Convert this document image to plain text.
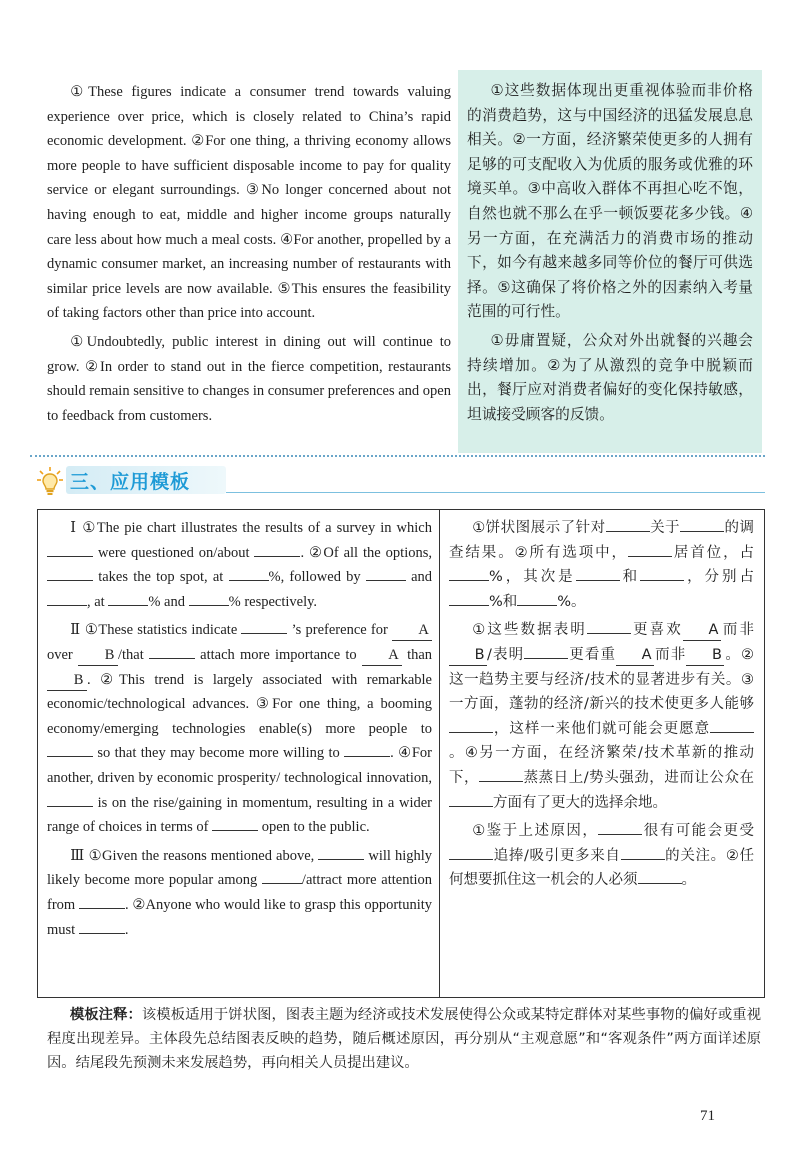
①These figures indicate a consumer trend towards valuing experience over price, which is closely related to China’s rapid economic development. ②For one thing, a thriving economy allows more people to have sufficient disposable income to pay for quality service or elegant surroundings. ③No longer concerned about not having enough to eat, middle and higher income groups naturally care less about how much a meal costs. ④For another, propelled by a dynamic consumer market, an increasing number of restaurants with similar price levels are now available. ⑤This ensures the feasibility of taking factors other than price into account.

①Undoubtedly, public interest in dining out will continue to grow. ②In order to stand out in the fierce competition, restaurants should remain sensitive to changes in consumer preferences and open to feedback from customers.

①这些数据体现出更重视体验而非价格的消费趋势，这与中国经济的迅猛发展息息相关。②一方面，经济繁荣使更多的人拥有足够的可支配收入为优质的服务或优雅的环境买单。③中高收入群体不再担心吃不饱，自然也就不那么在乎一顿饭要花多少钱。④另一方面，在充满活力的消费市场的推动下，如今有越来越多同等价位的餐厅可供选择。⑤这确保了将价格之外的因素纳入考量范围的可行性。

①毋庸置疑，公众对外出就餐的兴趣会持续增加。②为了从激烈的竞争中脱颖而出，餐厅应对消费者偏好的变化保持敏感，坦诚接受顾客的反馈。

三、应用模板

Ⅰ ①The pie chart illustrates the results of a survey in which  were questioned on/about	. ②Of all the options,  takes the top spot, at	%, followed by	and , at	% and	% respectively.

Ⅱ ①These statistics indicate	’s preference for A over B /that	attach more importance to A than B . ②This trend is largely associated with remarkable economic/technological advances. ③For one thing, a booming economy/emerging technologies enable(s) more people to  so that they may become more willing to	. ④For another, driven by economic prosperity/ technological innovation,  is on the rise/gaining in momentum, resulting in a wider range of choices in terms of	open to the public.

Ⅲ ①Given the reasons mentioned above,	will highly likely become more popular among	/attract more attention from	. ②Anyone who would like to grasp this opportunity must	.

①饼状图展示了针对	关于	的调查结果。②所有选项中，	居首位，占%，其次是	和	，分别占%和	%。

①这些数据表明	更喜欢 A 而非B /表明	更看重 A 而非 B 。②这一趋势主要与经济/技术的显著进步有关。③一方面，蓬勃的经济/新兴的技术使更多人能够，这样一来他们就可能会更愿意。④另一方面，在经济繁荣/技术革新的推动下，	蒸蒸日上/势头强劲，进而让公众在方面有了更大的选择余地。

①鉴于上述原因，	很有可能会更受追捧/吸引更多来自	的关注。②任何想要抓住这一机会的人必须	。

模板注释：该模板适用于饼状图，图表主题为经济或技术发展使得公众或某特定群体对某些事物的偏好或重视程度出现差异。主体段先总结图表反映的趋势，随后概述原因，再分别从“主观意愿”和“客观条件”两方面详述原因。结尾段先预测未来发展趋势，再向相关人员提出建议。

71
